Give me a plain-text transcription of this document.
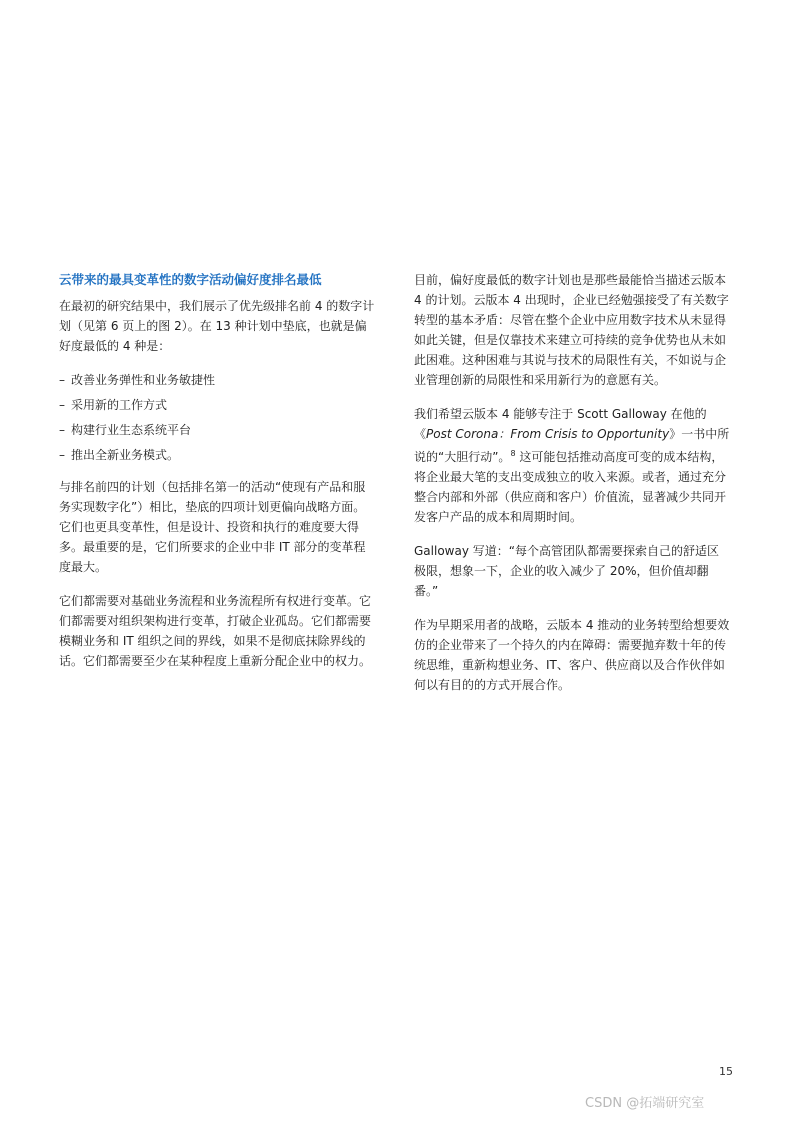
云带来的最具变革性的数字活动偏好度排名最低

在最初的研究结果中，我们展示了优先级排名前 4 的数字计划（见第 6 页上的图 2）。在 13 种计划中垫底，也就是偏好度最低的 4 种是：

– 改善业务弹性和业务敏捷性
– 采用新的工作方式
– 构建行业生态系统平台
– 推出全新业务模式。

与排名前四的计划（包括排名第一的活动“使现有产品和服务实现数字化”）相比，垫底的四项计划更偏向战略方面。它们也更具变革性，但是设计、投资和执行的难度要大得多。最重要的是，它们所要求的企业中非 IT 部分的变革程度最大。

它们都需要对基础业务流程和业务流程所有权进行变革。它们都需要对组织架构进行变革，打破企业孤岛。它们都需要模糊业务和 IT 组织之间的界线，如果不是彻底抹除界线的话。它们都需要至少在某种程度上重新分配企业中的权力。

目前，偏好度最低的数字计划也是那些最能恰当描述云版本 4 的计划。云版本 4 出现时，企业已经勉强接受了有关数字转型的基本矛盾：尽管在整个企业中应用数字技术从未显得如此关键，但是仅靠技术来建立可持续的竞争优势也从未如此困难。这种困难与其说与技术的局限性有关，不如说与企业管理创新的局限性和采用新行为的意愿有关。

我们希望云版本 4 能够专注于 Scott Galloway 在他的《Post Corona：From Crisis to Opportunity》一书中所说的“大胆行动”。$^8$ 这可能包括推动高度可变的成本结构，将企业最大笔的支出变成独立的收入来源。或者，通过充分整合内部和外部（供应商和客户）价值流，显著减少共同开发客户产品的成本和周期时间。

Galloway 写道：“每个高管团队都需要探索自己的舒适区极限，想象一下，企业的收入减少了 20%，但价值却翻番。”

作为早期采用者的战略，云版本 4 推动的业务转型给想要效仿的企业带来了一个持久的内在障碍：需要抛弃数十年的传统思维，重新构想业务、IT、客户、供应商以及合作伙伴如何以有目的的方式开展合作。

15
CSDN @拓端研究室
